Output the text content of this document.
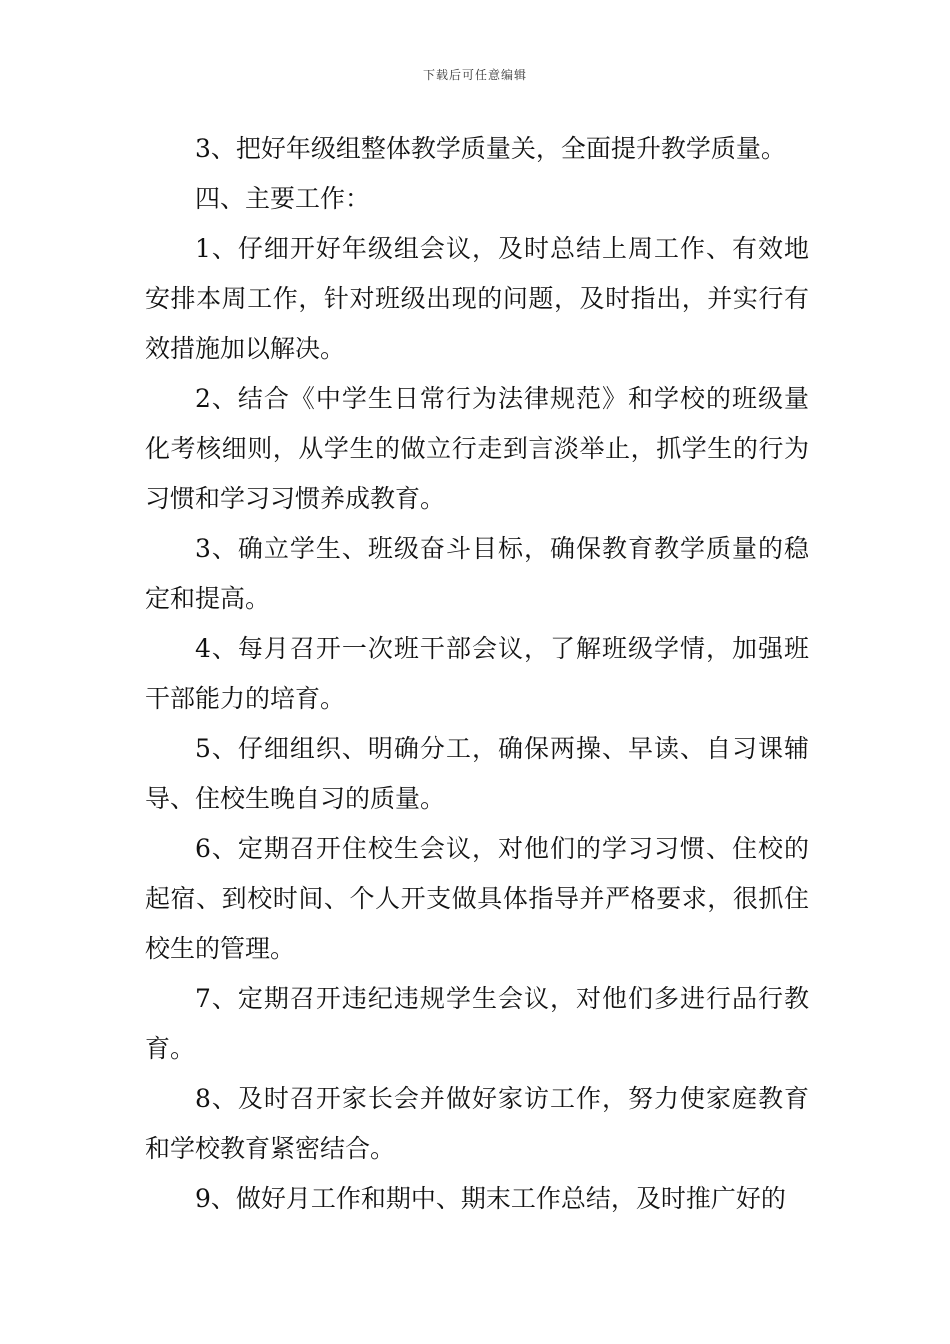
下载后可任意编辑

3、把好年级组整体教学质量关，全面提升教学质量。

四、主要工作：

1、仔细开好年级组会议，及时总结上周工作、有效地安排本周工作，针对班级出现的问题，及时指出，并实行有效措施加以解决。

2、结合《中学生日常行为法律规范》和学校的班级量化考核细则，从学生的做立行走到言淡举止，抓学生的行为习惯和学习习惯养成教育。

3、确立学生、班级奋斗目标，确保教育教学质量的稳定和提高。

4、每月召开一次班干部会议，了解班级学情，加强班干部能力的培育。

5、仔细组织、明确分工，确保两操、早读、自习课辅导、住校生晚自习的质量。

6、定期召开住校生会议，对他们的学习习惯、住校的起宿、到校时间、个人开支做具体指导并严格要求，很抓住校生的管理。

7、定期召开违纪违规学生会议，对他们多进行品行教育。

8、及时召开家长会并做好家访工作，努力使家庭教育和学校教育紧密结合。

9、做好月工作和期中、期末工作总结，及时推广好的
